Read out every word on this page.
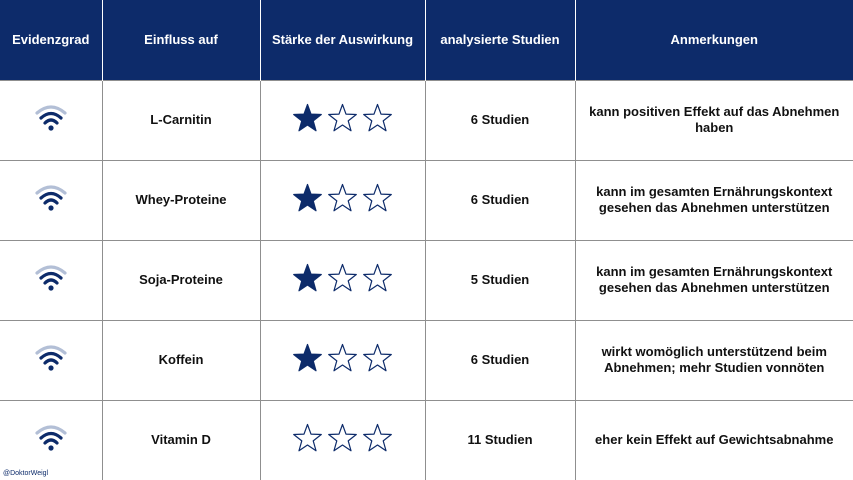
Evidenzgrad	Einfluss auf	Stärke der Auswirkung	analysierte Studien	Anmerkungen
	L-Carnitin		6 Studien	kann positiven Effekt auf das Abnehmen haben
	Whey-Proteine		6 Studien	kann im gesamten Ernährungskontext gesehen das Abnehmen unterstützen
	Soja-Proteine		5 Studien	kann im gesamten Ernährungskontext gesehen das Abnehmen unterstützen
	Koffein		6 Studien	wirkt womöglich unterstützend beim Abnehmen; mehr Studien vonnöten
	Vitamin D		11 Studien	eher kein Effekt auf Gewichtsabnahme
@DoktorWeigl
